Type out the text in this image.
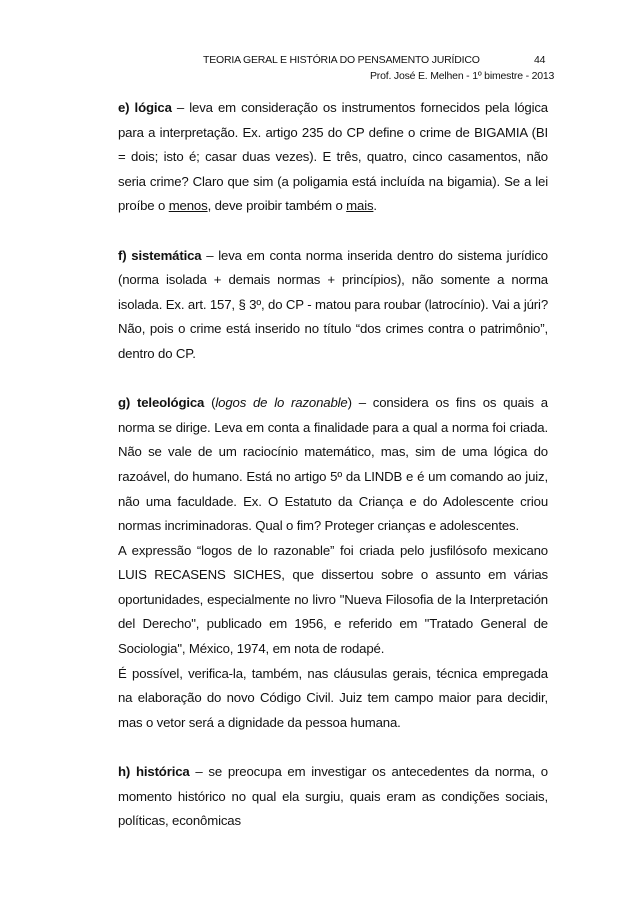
TEORIA GERAL E HISTÓRIA DO PENSAMENTO JURÍDICO	44
Prof. José E. Melhen - 1º bimestre - 2013

e) lógica – leva em consideração os instrumentos fornecidos pela lógica para a interpretação. Ex. artigo 235 do CP define o crime de BIGAMIA (BI = dois; isto é; casar duas vezes). E três, quatro, cinco casamentos, não seria crime? Claro que sim (a poligamia está incluída na bigamia). Se a lei proíbe o menos, deve proibir também o mais.

f) sistemática – leva em conta norma inserida dentro do sistema jurídico (norma isolada + demais normas + princípios), não somente a norma isolada. Ex. art. 157, § 3º, do CP - matou para roubar (latrocínio). Vai a júri? Não, pois o crime está inserido no título “dos crimes contra o patrimônio”, dentro do CP.

g) teleológica (logos de lo razonable) – considera os fins os quais a norma se dirige. Leva em conta a finalidade para a qual a norma foi criada. Não se vale de um raciocínio matemático, mas, sim de uma lógica do razoável, do humano. Está no artigo 5º da LINDB e é um comando ao juiz, não uma faculdade. Ex. O Estatuto da Criança e do Adolescente criou normas incriminadoras. Qual o fim? Proteger crianças e adolescentes.

A expressão “logos de lo razonable” foi criada pelo jusfilósofo mexicano LUIS RECASENS SICHES, que dissertou sobre o assunto em várias oportunidades, especialmente no livro "Nueva Filosofia de la Interpretación del Derecho", publicado em 1956, e referido em "Tratado General de Sociologia", México, 1974, em nota de rodapé.

É possível, verifica-la, também, nas cláusulas gerais, técnica empregada na elaboração do novo Código Civil. Juiz tem campo maior para decidir, mas o vetor será a dignidade da pessoa humana.

h) histórica – se preocupa em investigar os antecedentes da norma, o momento histórico no qual ela surgiu, quais eram as condições sociais, políticas, econômicas
